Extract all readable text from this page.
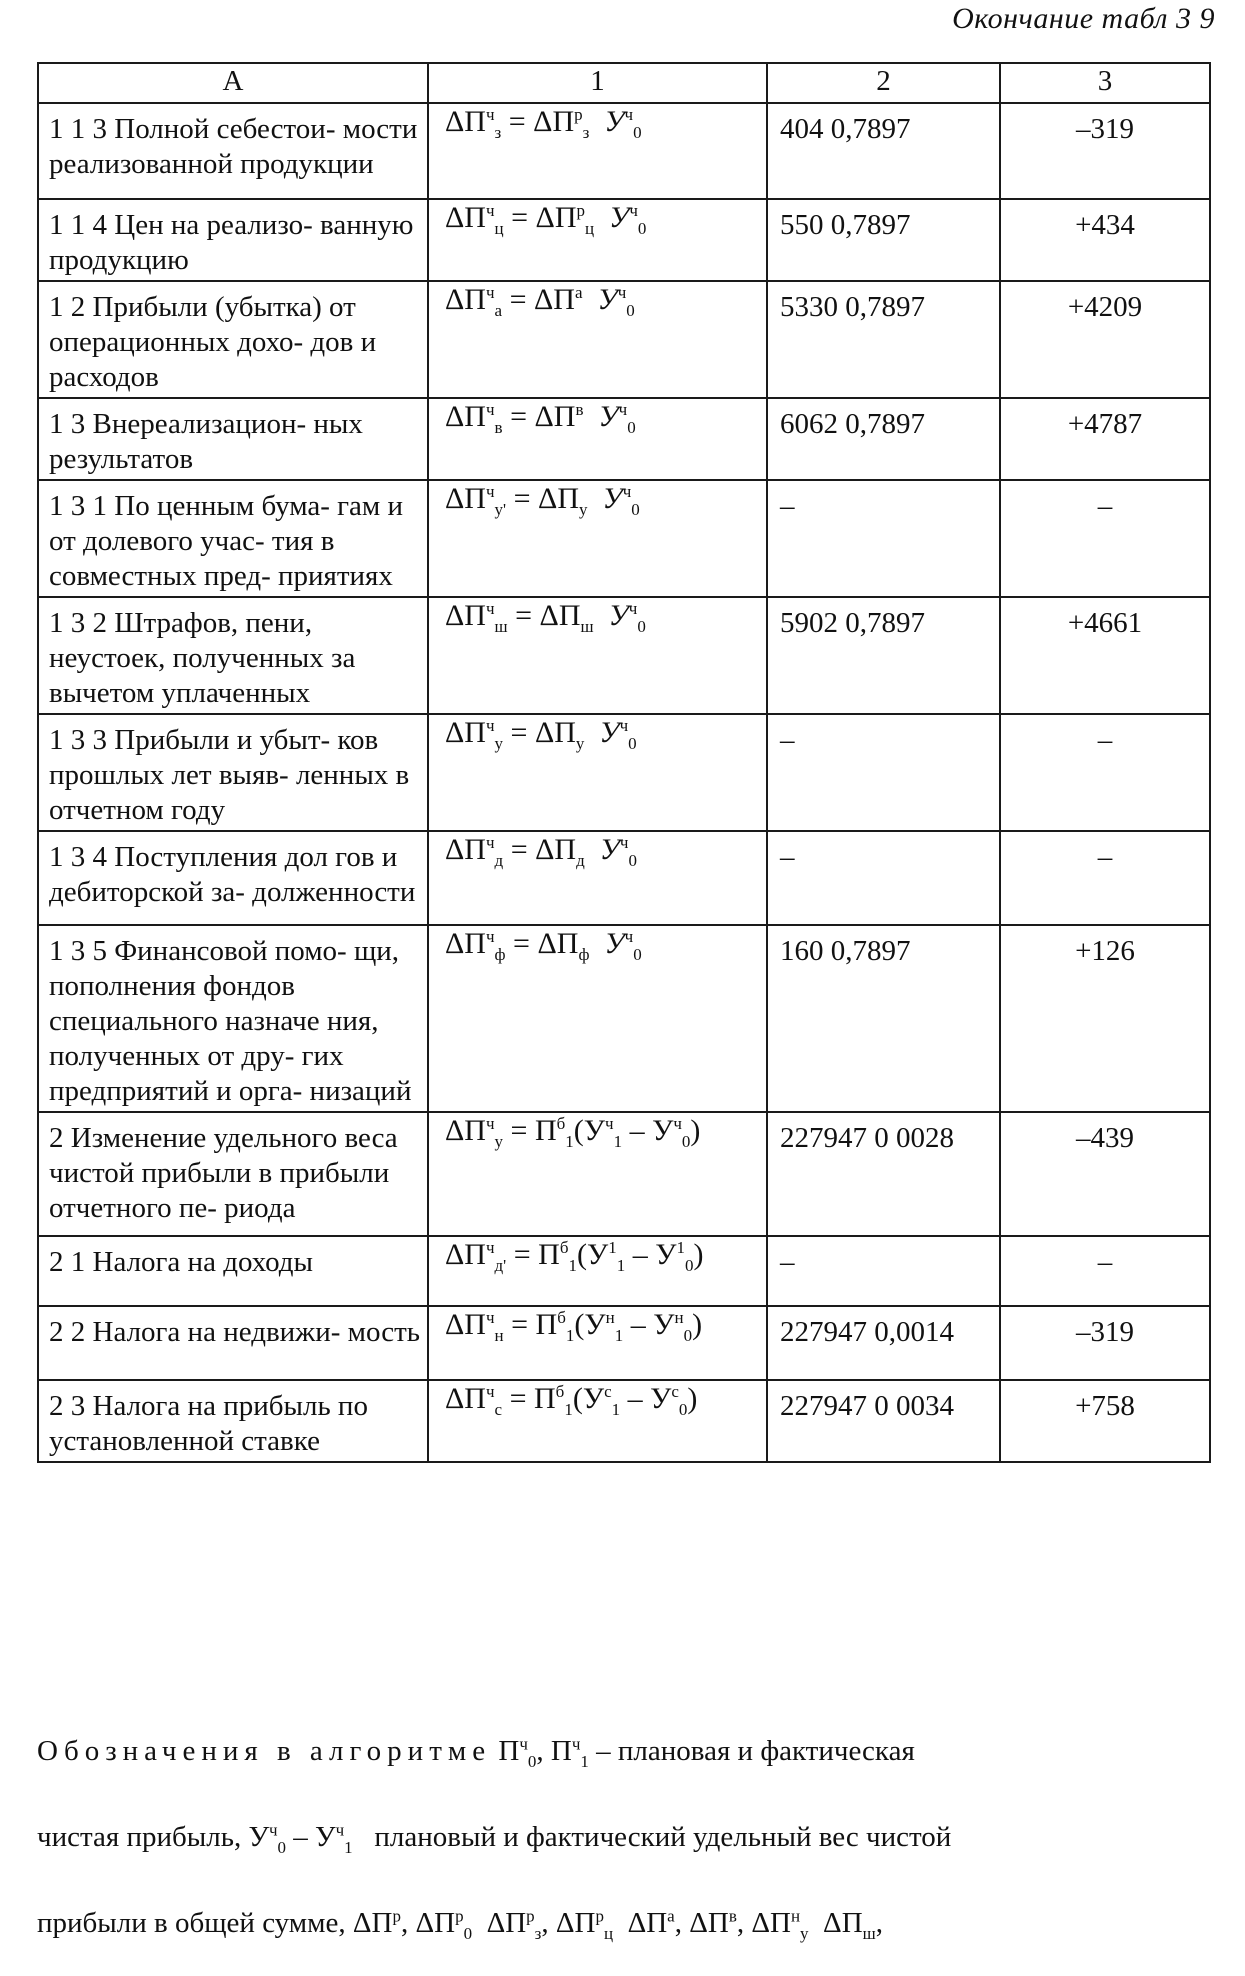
Окончание табл 3 9
А	1	2	3
1 1 3 Полной себестои- мости реализованной продукции	$\Delta П^ч_з = \Delta П^р_з$ $У^ч_0$	404 0,7897	–319
1 1 4 Цен на реализо- ванную продукцию	$\Delta П^ч_ц = \Delta П^р_ц$ $У^ч_0$	550 0,7897	+434
1 2 Прибыли (убытка) от операционных дохо- дов и расходов	$\Delta П^ч_а = \Delta П^а$ $У^ч_0$	5330 0,7897	+4209
1 3 Внереализацион- ных результатов	$\Delta П^ч_в = \Delta П^в$ $У^ч_0$	6062 0,7897	+4787
1 3 1 По ценным бума- гам и от долевого учас- тия в совместных пред- приятиях	$\Delta П^ч_{у'} = \Delta П_у$ $У^ч_0$	–	–
1 3 2 Штрафов, пени, неустоек, полученных за вычетом уплаченных	$\Delta П^ч_ш = \Delta П_ш$ $У^ч_0$	5902 0,7897	+4661
1 3 3 Прибыли и убыт- ков прошлых лет выяв- ленных в отчетном году	$\Delta П^ч_у = \Delta П_у$ $У^ч_0$	–	–
1 3 4 Поступления дол гов и дебиторской за- долженности	$\Delta П^ч_д = \Delta П_д$ $У^ч_0$	–	–
1 3 5 Финансовой помо- щи, пополнения фондов специального назначе ния, полученных от дру- гих предприятий и орга- низаций	$\Delta П^ч_ф = \Delta П_ф$ $У^ч_0$	160 0,7897	+126
2 Изменение удельного веса чистой прибыли в прибыли отчетного пе- риода	$\Delta П^ч_у = П^б_1(У^ч_1 - У^ч_0)$	227947 0 0028	–439
2 1 Налога на доходы	$\Delta П^ч_{д'} = П^б_1(У^1_1 - У^1_0)$	–	–
2 2 Налога на недвижи- мость	$\Delta П^ч_н = П^б_1(У^н_1 - У^н_0)$	227947 0,0014	–319
2 3 Налога на прибыль по установленной ставке	$\Delta П^ч_с = П^б_1(У^с_1 - У^с_0)$	227947 0 0034	+758

Обозначения в алгоритме $П^ч_0$, $П^ч_1$ – плановая и фактическая

чистая прибыль, $У^ч_0 - У^ч_1$   плановый и фактический удельный вес чистой

прибыли в общей сумме, $\Delta П^р$, $\Delta П^р_0$  $\Delta П^р_з$, $\Delta П^р_ц$  $\Delta П^а$, $\Delta П^в$, $\Delta П^н_у$  $\Delta П_ш$,
